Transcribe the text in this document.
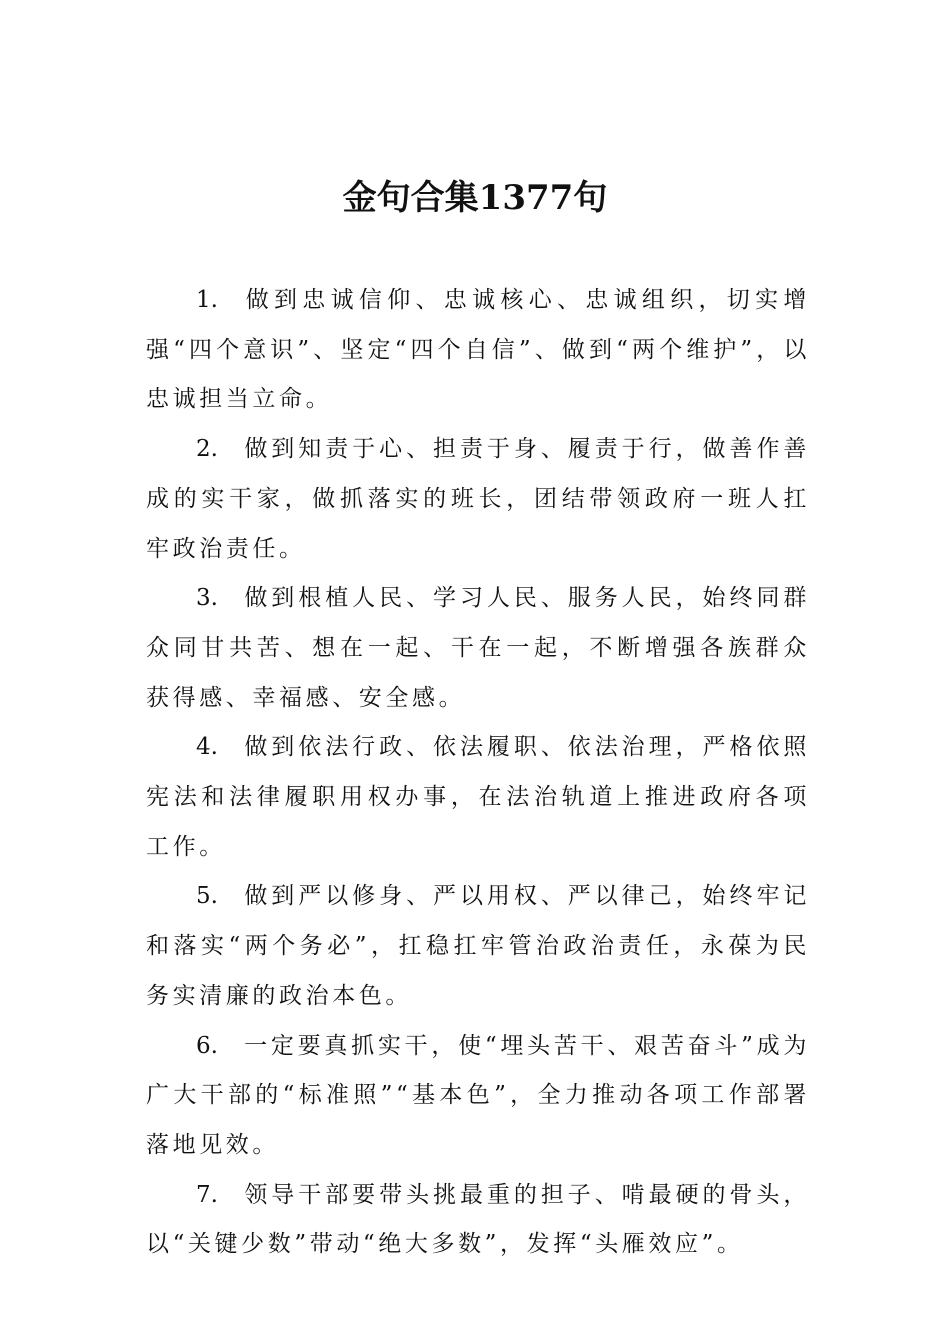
金句合集1377句

1. 做到忠诚信仰、忠诚核心、忠诚组织，切实增强“四个意识”、坚定“四个自信”、做到“两个维护”，以忠诚担当立命。

2. 做到知责于心、担责于身、履责于行，做善作善成的实干家，做抓落实的班长，团结带领政府一班人扛牢政治责任。

3. 做到根植人民、学习人民、服务人民，始终同群众同甘共苦、想在一起、干在一起，不断增强各族群众获得感、幸福感、安全感。

4. 做到依法行政、依法履职、依法治理，严格依照宪法和法律履职用权办事，在法治轨道上推进政府各项工作。

5. 做到严以修身、严以用权、严以律己，始终牢记和落实“两个务必”，扛稳扛牢管治政治责任，永葆为民务实清廉的政治本色。

6. 一定要真抓实干，使“埋头苦干、艰苦奋斗”成为广大干部的“标准照”“基本色”，全力推动各项工作部署落地见效。

7. 领导干部要带头挑最重的担子、啃最硬的骨头，以“关键少数”带动“绝大多数”，发挥“头雁效应”。
